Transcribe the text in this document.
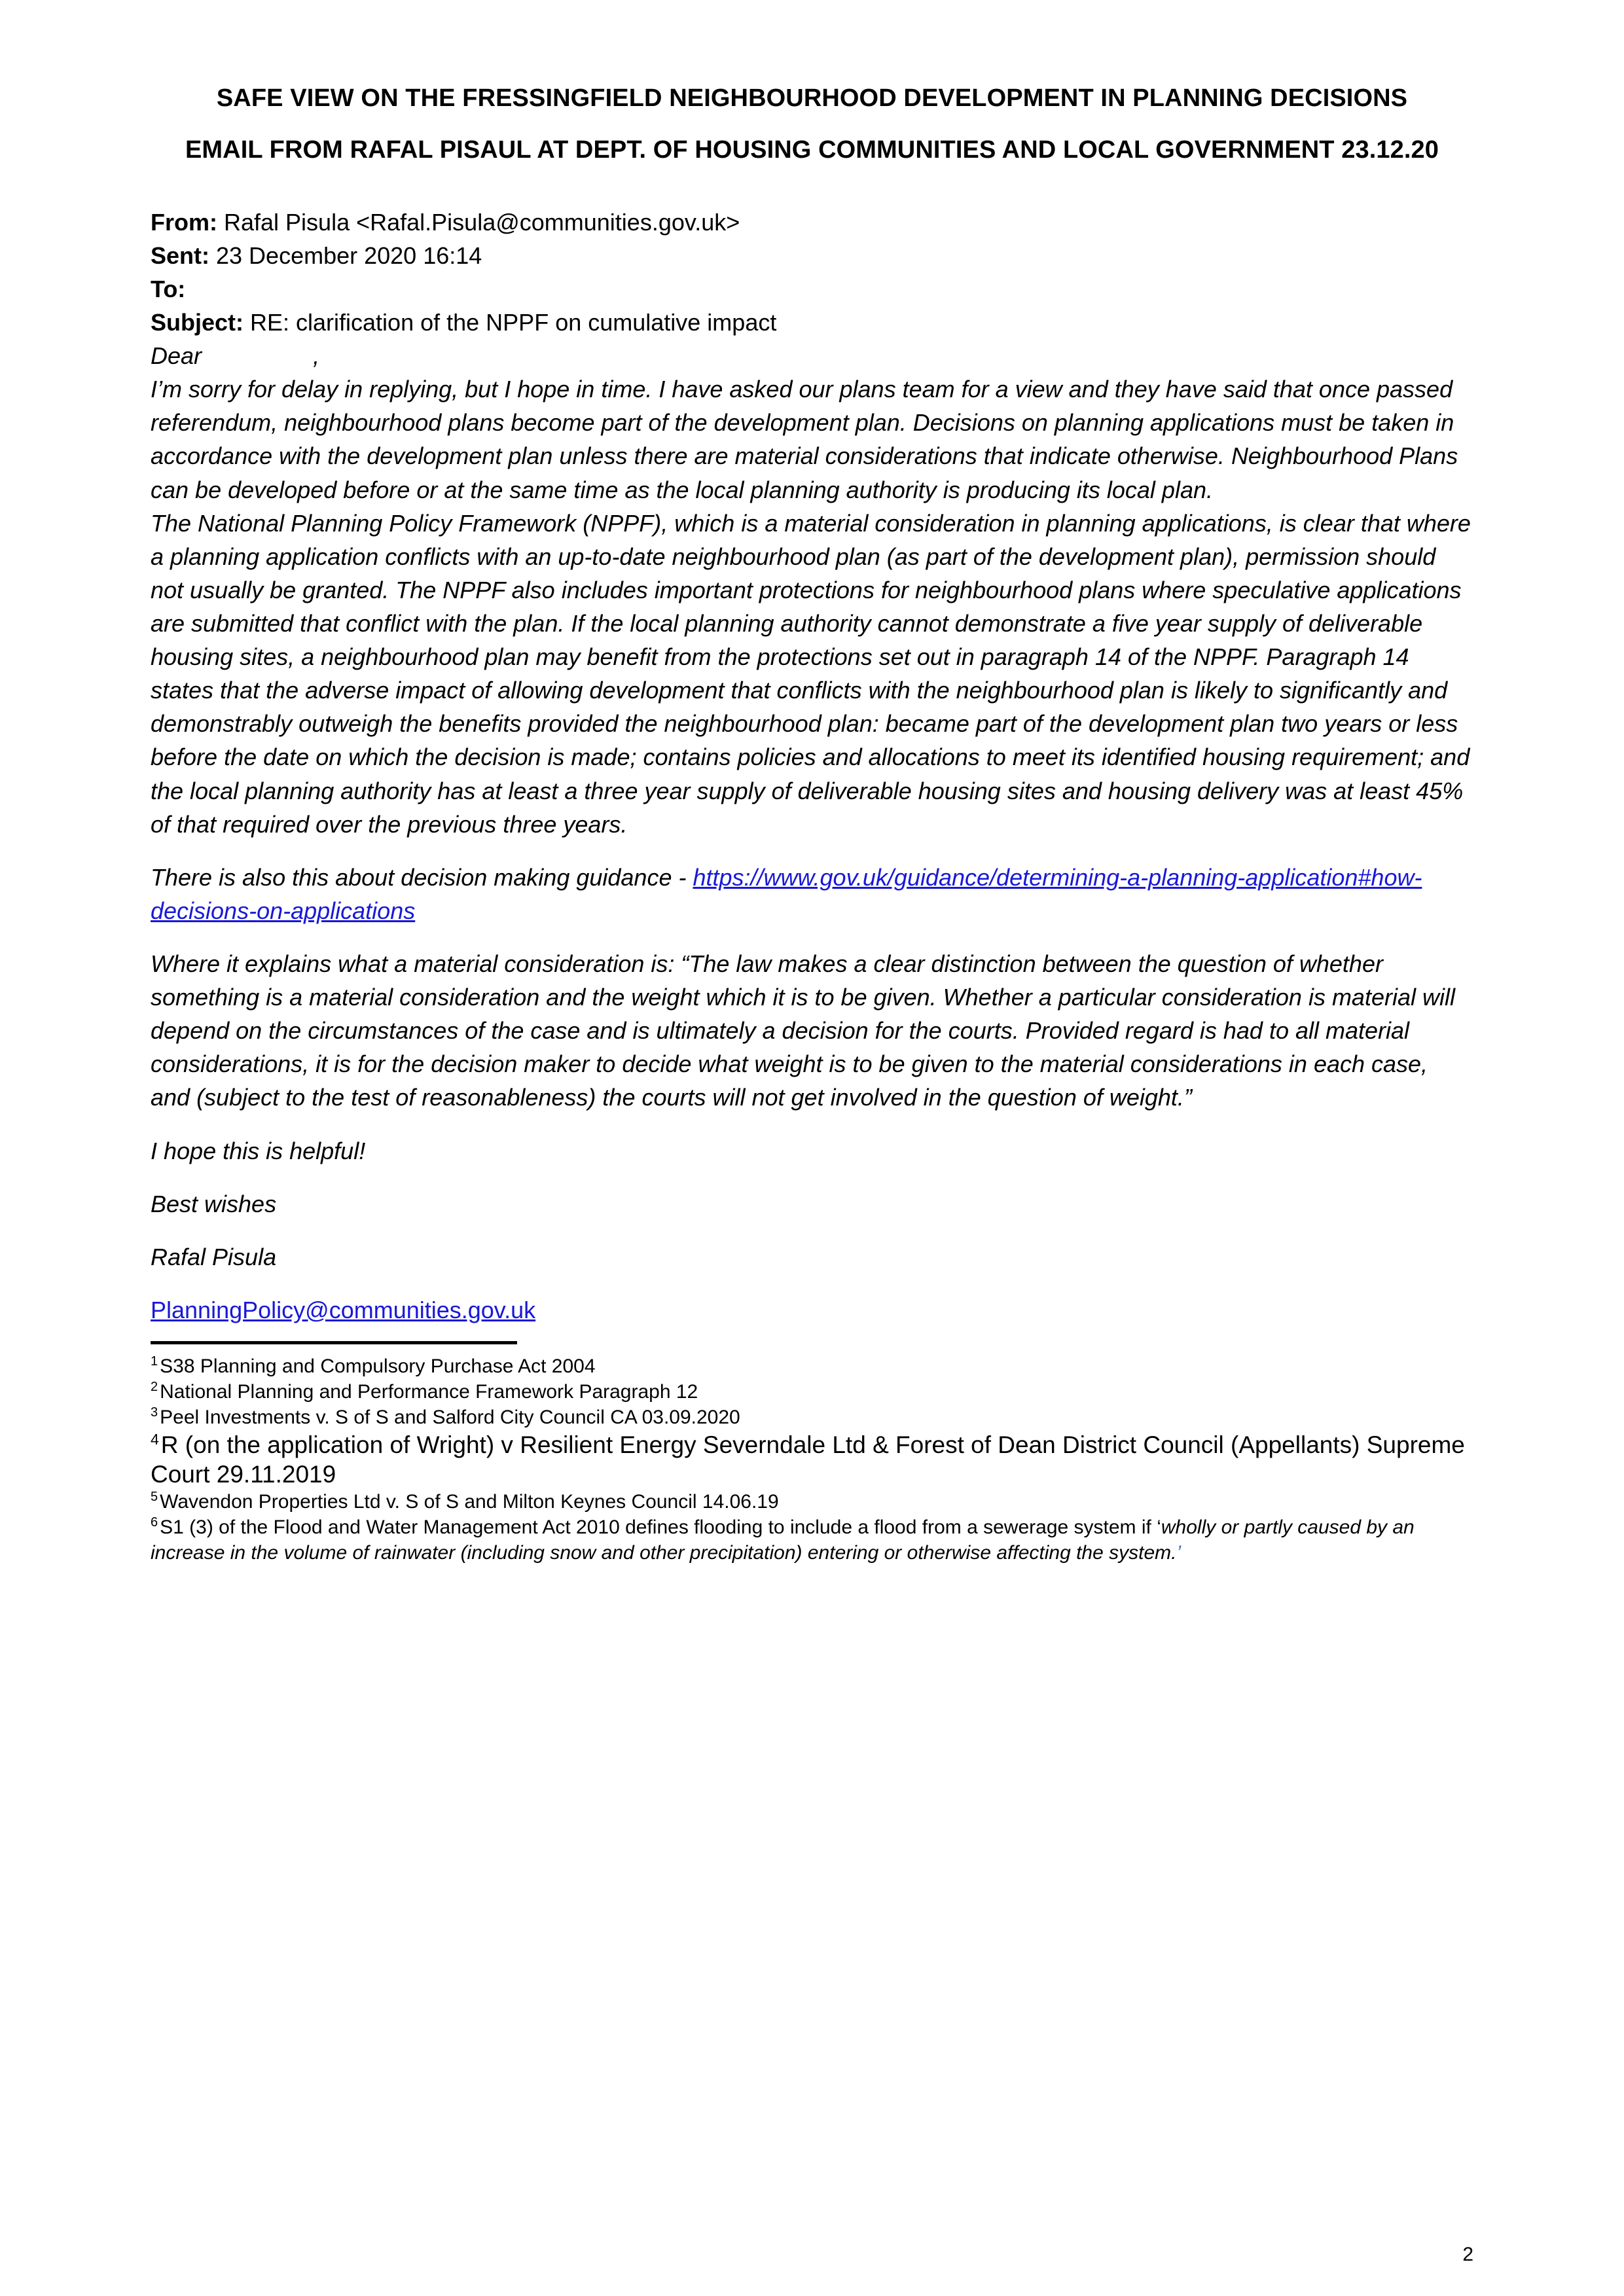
SAFE VIEW ON THE FRESSINGFIELD NEIGHBOURHOOD DEVELOPMENT IN PLANNING DECISIONS
EMAIL FROM RAFAL PISAUL AT DEPT. OF HOUSING COMMUNITIES AND LOCAL GOVERNMENT 23.12.20
From: Rafal Pisula <Rafal.Pisula@communities.gov.uk>
Sent: 23 December 2020 16:14
To:
Subject: RE: clarification of the NPPF on cumulative impact
Dear                 ,

I’m sorry for delay in replying, but I hope in time. I have asked our plans team for a view and they have said that once passed referendum, neighbourhood plans become part of the development plan. Decisions on planning applications must be taken in accordance with the development plan unless there are material considerations that indicate otherwise. Neighbourhood Plans can be developed before or at the same time as the local planning authority is producing its local plan.

The National Planning Policy Framework (NPPF), which is a material consideration in planning applications, is clear that where a planning application conflicts with an up-to-date neighbourhood plan (as part of the development plan), permission should not usually be granted. The NPPF also includes important protections for neighbourhood plans where speculative applications are submitted that conflict with the plan. If the local planning authority cannot demonstrate a five year supply of deliverable housing sites, a neighbourhood plan may benefit from the protections set out in paragraph 14 of the NPPF. Paragraph 14 states that the adverse impact of allowing development that conflicts with the neighbourhood plan is likely to significantly and demonstrably outweigh the benefits provided the neighbourhood plan: became part of the development plan two years or less before the date on which the decision is made; contains policies and allocations to meet its identified housing requirement; and the local planning authority has at least a three year supply of deliverable housing sites and housing delivery was at least 45% of that required over the previous three years.

There is also this about decision making guidance - https://www.gov.uk/guidance/determining-a-planning-application#how-decisions-on-applications

Where it explains what a material consideration is: “The law makes a clear distinction between the question of whether something is a material consideration and the weight which it is to be given. Whether a particular consideration is material will depend on the circumstances of the case and is ultimately a decision for the courts. Provided regard is had to all material considerations, it is for the decision maker to decide what weight is to be given to the material considerations in each case, and (subject to the test of reasonableness) the courts will not get involved in the question of weight.”

I hope this is helpful!

Best wishes

Rafal Pisula

PlanningPolicy@communities.gov.uk

$^1$ S38 Planning and Compulsory Purchase Act 2004

$^2$ National Planning and Performance Framework Paragraph 12

$^3$ Peel Investments v. S of S and Salford City Council CA 03.09.2020

$^4$R (on the application of Wright) v Resilient Energy Severndale Ltd & Forest of Dean District Council (Appellants) Supreme Court 29.11.2019

$^5$ Wavendon Properties Ltd v. S of S and Milton Keynes Council 14.06.19

$^6$ S1 (3) of the Flood and Water Management Act 2010 defines flooding to include a flood from a sewerage system if ‘wholly or partly caused by an increase in the volume of rainwater (including snow and other precipitation) entering or otherwise affecting the system.’

2
